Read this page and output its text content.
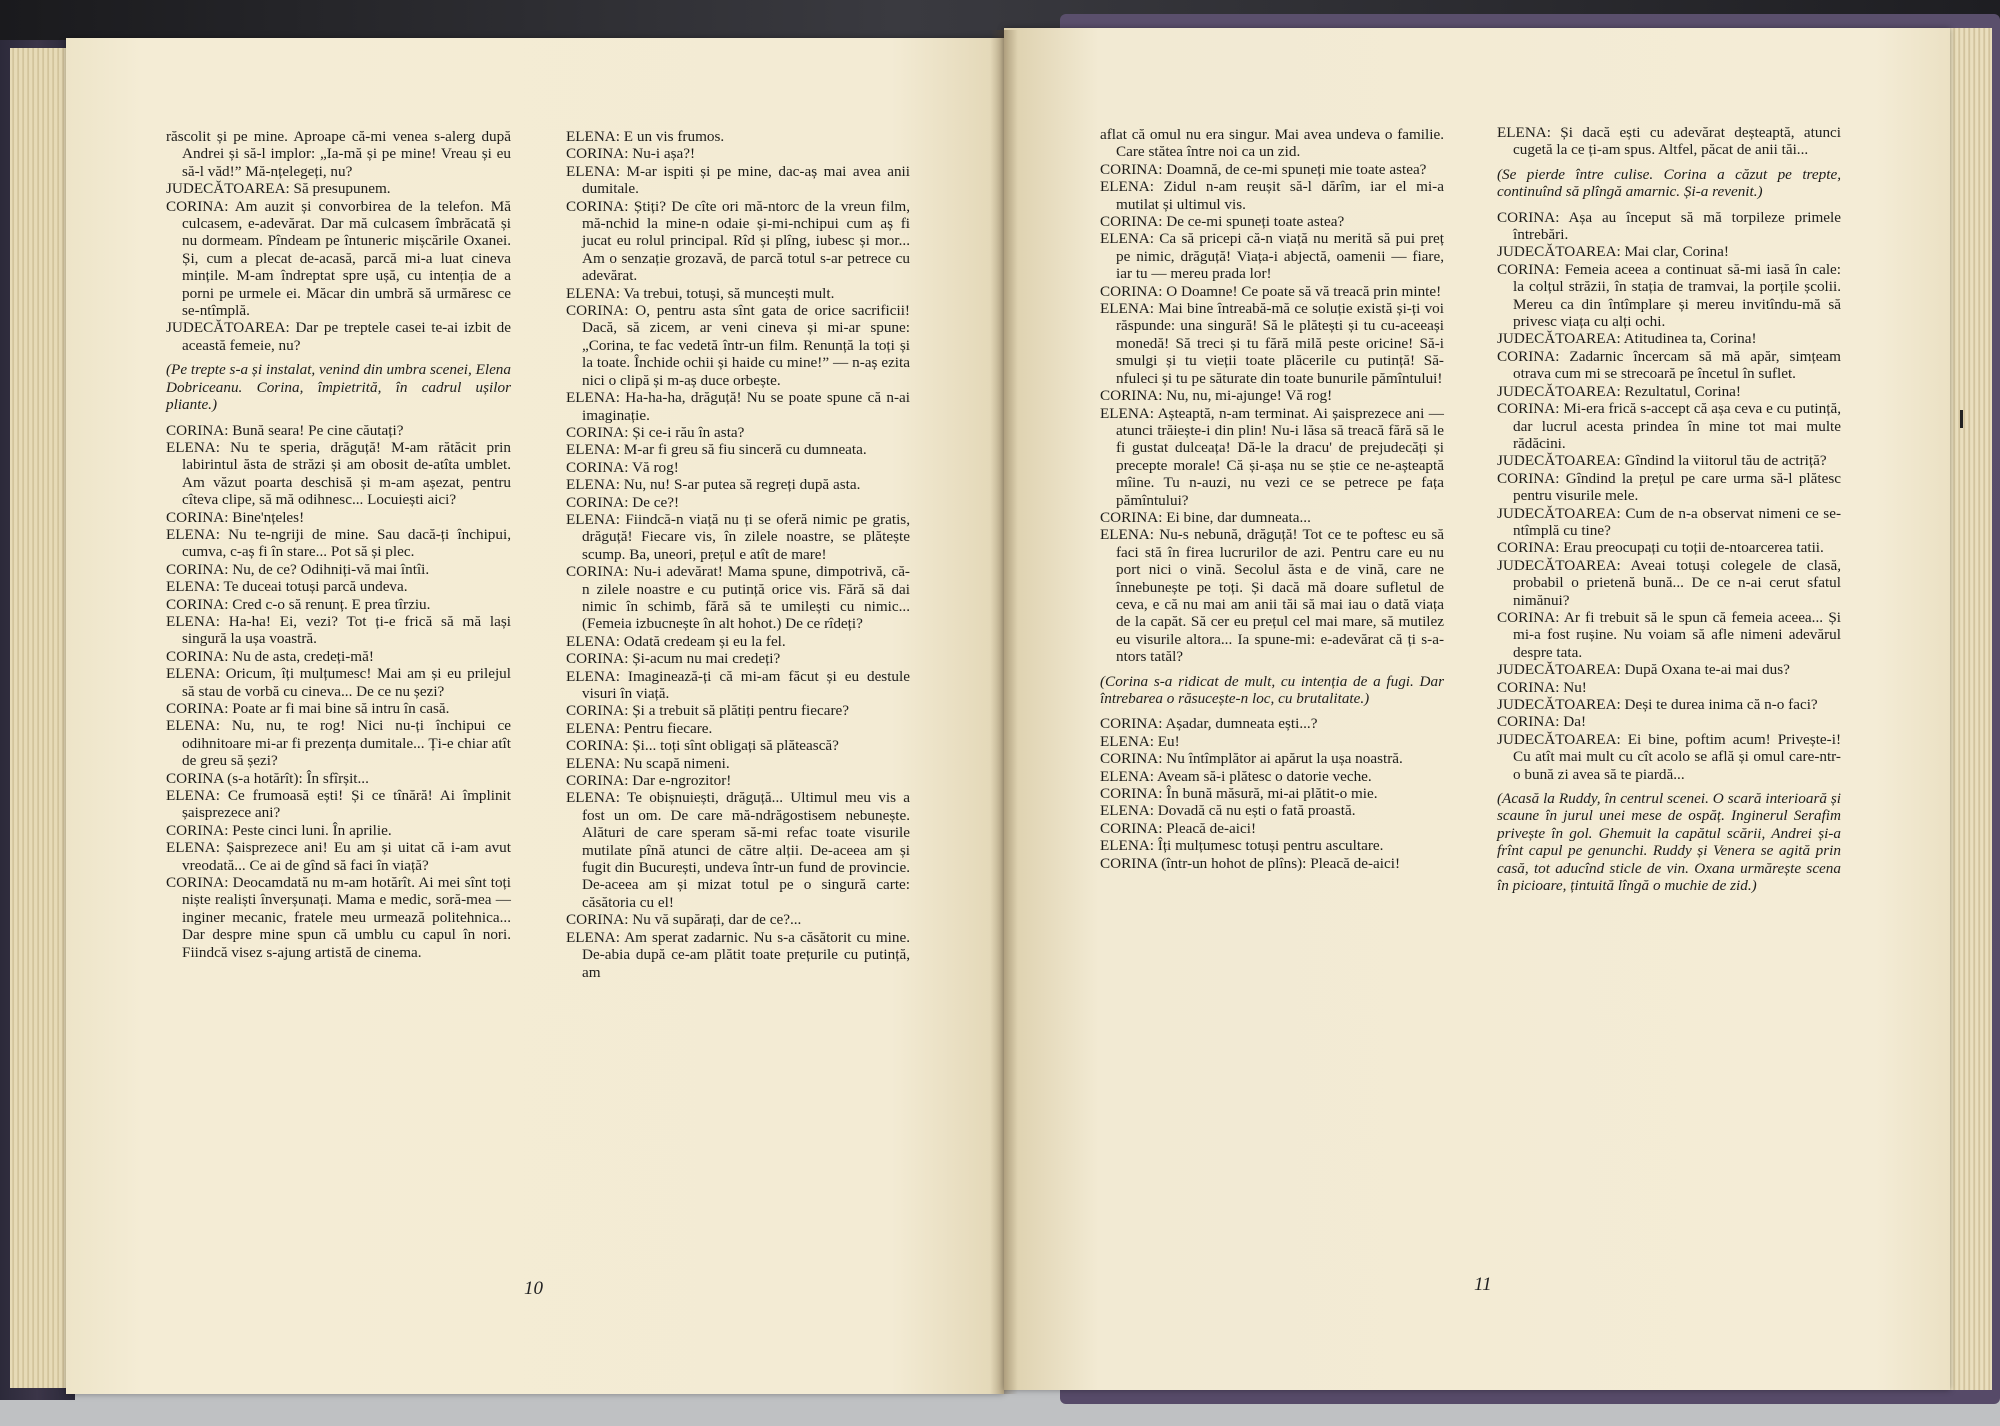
răscolit și pe mine. Aproape că-mi venea s-alerg după Andrei și să-l implor: „Ia-mă și pe mine! Vreau și eu să-l văd!” Mă-nțelegeți, nu?

JUDECĂTOAREA: Să presupunem.

CORINA: Am auzit și convorbirea de la telefon. Mă culcasem, e-adevărat. Dar mă culcasem îmbrăcată și nu dormeam. Pîndeam pe întuneric mișcările Oxanei. Și, cum a plecat de-acasă, parcă mi-a luat cineva mințile. M-am îndreptat spre ușă, cu intenția de a porni pe urmele ei. Măcar din umbră să urmăresc ce se-ntîmplă.

JUDECĂTOAREA: Dar pe treptele casei te-ai izbit de această femeie, nu?

(Pe trepte s-a și instalat, venind din umbra scenei, Elena Dobriceanu. Corina, împietrită, în cadrul ușilor pliante.)

CORINA: Bună seara! Pe cine căutați?

ELENA: Nu te speria, drăguță! M-am rătăcit prin labirintul ăsta de străzi și am obosit de-atîta umblet. Am văzut poarta deschisă și m-am așezat, pentru cîteva clipe, să mă odihnesc... Locuiești aici?

CORINA: Bine'nțeles!

ELENA: Nu te-ngriji de mine. Sau dacă-ți închipui, cumva, c-aș fi în stare... Pot să și plec.

CORINA: Nu, de ce? Odihniți-vă mai întîi.

ELENA: Te duceai totuși parcă undeva.

CORINA: Cred c-o să renunț. E prea tîrziu.

ELENA: Ha-ha! Ei, vezi? Tot ți-e frică să mă lași singură la ușa voastră.

CORINA: Nu de asta, credeți-mă!

ELENA: Oricum, îți mulțumesc! Mai am și eu prilejul să stau de vorbă cu cineva... De ce nu șezi?

CORINA: Poate ar fi mai bine să intru în casă.

ELENA: Nu, nu, te rog! Nici nu-ți închipui ce odihnitoare mi-ar fi prezența dumitale... Ți-e chiar atît de greu să șezi?

CORINA (s-a hotărît): În sfîrșit...

ELENA: Ce frumoasă ești! Și ce tînără! Ai împlinit șaisprezece ani?

CORINA: Peste cinci luni. În aprilie.

ELENA: Șaisprezece ani! Eu am și uitat că i-am avut vreodată... Ce ai de gînd să faci în viață?

CORINA: Deocamdată nu m-am hotărît. Ai mei sînt toți niște realiști înverșunați. Mama e medic, soră-mea — inginer mecanic, fratele meu urmează politehnica... Dar despre mine spun că umblu cu capul în nori. Fiindcă visez s-ajung artistă de cinema.

ELENA: E un vis frumos.

CORINA: Nu-i așa?!

ELENA: M-ar ispiti și pe mine, dac-aș mai avea anii dumitale.

CORINA: Știți? De cîte ori mă-ntorc de la vreun film, mă-nchid la mine-n odaie și-mi-nchipui cum aș fi jucat eu rolul principal. Rîd și plîng, iubesc și mor... Am o senzație grozavă, de parcă totul s-ar petrece cu adevărat.

ELENA: Va trebui, totuși, să muncești mult.

CORINA: O, pentru asta sînt gata de orice sacrificii! Dacă, să zicem, ar veni cineva și mi-ar spune: „Corina, te fac vedetă într-un film. Renunță la toți și la toate. Închide ochii și haide cu mine!” — n-aș ezita nici o clipă și m-aș duce orbește.

ELENA: Ha-ha-ha, drăguță! Nu se poate spune că n-ai imaginație.

CORINA: Și ce-i rău în asta?

ELENA: M-ar fi greu să fiu sinceră cu dumneata.

CORINA: Vă rog!

ELENA: Nu, nu! S-ar putea să regreți după asta.

CORINA: De ce?!

ELENA: Fiindcă-n viață nu ți se oferă nimic pe gratis, drăguță! Fiecare vis, în zilele noastre, se plătește scump. Ba, uneori, prețul e atît de mare!

CORINA: Nu-i adevărat! Mama spune, dimpotrivă, că-n zilele noastre e cu putință orice vis. Fără să dai nimic în schimb, fără să te umilești cu nimic... (Femeia izbucnește în alt hohot.) De ce rîdeți?

ELENA: Odată credeam și eu la fel.

CORINA: Și-acum nu mai credeți?

ELENA: Imaginează-ți că mi-am făcut și eu destule visuri în viață.

CORINA: Și a trebuit să plătiți pentru fiecare?

ELENA: Pentru fiecare.

CORINA: Și... toți sînt obligați să plătească?

ELENA: Nu scapă nimeni.

CORINA: Dar e-ngrozitor!

ELENA: Te obișnuiești, drăguță... Ultimul meu vis a fost un om. De care mă-ndrăgostisem nebunește. Alături de care speram să-mi refac toate visurile mutilate pînă atunci de către alții. De-aceea am și fugit din București, undeva într-un fund de provincie. De-aceea am și mizat totul pe o singură carte: căsătoria cu el!

CORINA: Nu vă supărați, dar de ce?...

ELENA: Am sperat zadarnic. Nu s-a căsătorit cu mine. De-abia după ce-am plătit toate prețurile cu putință, am

aflat că omul nu era singur. Mai avea undeva o familie. Care stătea între noi ca un zid.

CORINA: Doamnă, de ce-mi spuneți mie toate astea?

ELENA: Zidul n-am reușit să-l dărîm, iar el mi-a mutilat și ultimul vis.

CORINA: De ce-mi spuneți toate astea?

ELENA: Ca să pricepi că-n viață nu merită să pui preț pe nimic, drăguță! Viața-i abjectă, oamenii — fiare, iar tu — mereu prada lor!

CORINA: O Doamne! Ce poate să vă treacă prin minte!

ELENA: Mai bine întreabă-mă ce soluție există și-ți voi răspunde: una singură! Să le plătești și tu cu-aceeași monedă! Să treci și tu fără milă peste oricine! Să-i smulgi și tu vieții toate plăcerile cu putință! Să-nfuleci și tu pe săturate din toate bunurile pămîntului!

CORINA: Nu, nu, mi-ajunge! Vă rog!

ELENA: Așteaptă, n-am terminat. Ai șaisprezece ani — atunci trăiește-i din plin! Nu-i lăsa să treacă fără să le fi gustat dulceața! Dă-le la dracu' de prejudecăți și precepte morale! Că și-așa nu se știe ce ne-așteaptă mîine. Tu n-auzi, nu vezi ce se petrece pe fața pămîntului?

CORINA: Ei bine, dar dumneata...

ELENA: Nu-s nebună, drăguță! Tot ce te poftesc eu să faci stă în firea lucrurilor de azi. Pentru care eu nu port nici o vină. Secolul ăsta e de vină, care ne înnebunește pe toți. Și dacă mă doare sufletul de ceva, e că nu mai am anii tăi să mai iau o dată viața de la capăt. Să cer eu prețul cel mai mare, să mutilez eu visurile altora... Ia spune-mi: e-adevărat că ți s-a-ntors tatăl?

(Corina s-a ridicat de mult, cu intenția de a fugi. Dar întrebarea o răsucește-n loc, cu brutalitate.)

CORINA: Așadar, dumneata ești...?

ELENA: Eu!

CORINA: Nu întîmplător ai apărut la ușa noastră.

ELENA: Aveam să-i plătesc o datorie veche.

CORINA: În bună măsură, mi-ai plătit-o mie.

ELENA: Dovadă că nu ești o fată proastă.

CORINA: Pleacă de-aici!

ELENA: Îți mulțumesc totuși pentru ascultare.

CORINA (într-un hohot de plîns): Pleacă de-aici!

ELENA: Și dacă ești cu adevărat deșteaptă, atunci cugetă la ce ți-am spus. Altfel, păcat de anii tăi...

(Se pierde între culise. Corina a căzut pe trepte, continuînd să plîngă amarnic. Și-a revenit.)

CORINA: Așa au început să mă torpileze primele întrebări.

JUDECĂTOAREA: Mai clar, Corina!

CORINA: Femeia aceea a continuat să-mi iasă în cale: la colțul străzii, în stația de tramvai, la porțile școlii. Mereu ca din întîmplare și mereu invitîndu-mă să privesc viața cu alți ochi.

JUDECĂTOAREA: Atitudinea ta, Corina!

CORINA: Zadarnic încercam să mă apăr, simțeam otrava cum mi se strecoară pe încetul în suflet.

JUDECĂTOAREA: Rezultatul, Corina!

CORINA: Mi-era frică s-accept că așa ceva e cu putință, dar lucrul acesta prindea în mine tot mai multe rădăcini.

JUDECĂTOAREA: Gîndind la viitorul tău de actriță?

CORINA: Gîndind la prețul pe care urma să-l plătesc pentru visurile mele.

JUDECĂTOAREA: Cum de n-a observat nimeni ce se-ntîmplă cu tine?

CORINA: Erau preocupați cu toții de-ntoarcerea tatii.

JUDECĂTOAREA: Aveai totuși colegele de clasă, probabil o prietenă bună... De ce n-ai cerut sfatul nimănui?

CORINA: Ar fi trebuit să le spun că femeia aceea... Și mi-a fost rușine. Nu voiam să afle nimeni adevărul despre tata.

JUDECĂTOAREA: După Oxana te-ai mai dus?

CORINA: Nu!

JUDECĂTOAREA: Deși te durea inima că n-o faci?

CORINA: Da!

JUDECĂTOAREA: Ei bine, poftim acum! Privește-i! Cu atît mai mult cu cît acolo se află și omul care-ntr-o bună zi avea să te piardă...

(Acasă la Ruddy, în centrul scenei. O scară interioară și scaune în jurul unei mese de ospăț. Inginerul Serafim privește în gol. Ghemuit la capătul scării, Andrei și-a frînt capul pe genunchi. Ruddy și Venera se agită prin casă, tot aducînd sticle de vin. Oxana urmărește scena în picioare, țintuită lîngă o muchie de zid.)

10	11
